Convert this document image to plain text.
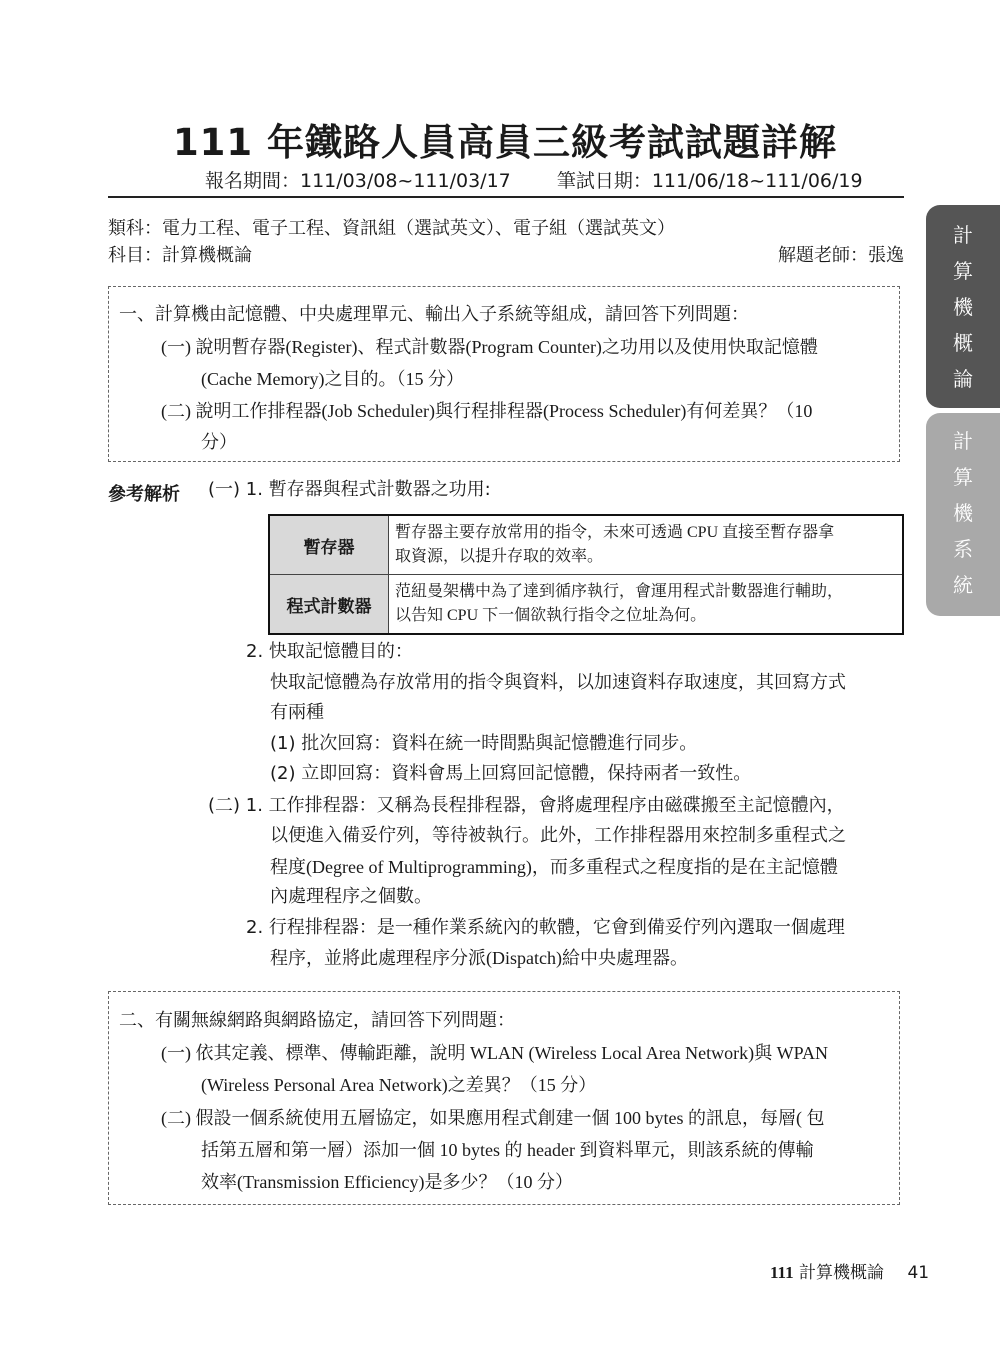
111 年鐵路人員高員三級考試試題詳解
報名期間：111/03/08~111/03/17 筆試日期：111/06/18~111/06/19
類科：電力工程、電子工程、資訊組（選試英文）、電子組（選試英文）
科目：計算機概論	解題老師：張逸
計
算
機
概
論
計
算
機
系
統
一、計算機由記憶體、中央處理單元、輸出入子系統等組成，請回答下列問題：
(一) 說明暫存器(Register)、程式計數器(Program Counter)之功用以及使用快取記憶體
(Cache Memory)之目的。（15 分）
(二) 說明工作排程器(Job Scheduler)與行程排程器(Process Scheduler)有何差異？（10
分）
參考解析 (一) 1. 暫存器與程式計數器之功用:
暫存器	暫存器主要存放常用的指令，未來可透過 CPU 直接至暫存器拿
取資源，以提升存取的效率。

程式計數器	范紐曼架構中為了達到循序執行，會運用程式計數器進行輔助，
以告知 CPU 下一個欲執行指令之位址為何。
2. 快取記憶體目的：
快取記憶體為存放常用的指令與資料，以加速資料存取速度，其回寫方式
有兩種
(1) 批次回寫：資料在統一時間點與記憶體進行同步。
(2) 立即回寫：資料會馬上回寫回記憶體，保持兩者一致性。
(二) 1. 工作排程器：又稱為長程排程器，會將處理程序由磁碟搬至主記憶體內，
以便進入備妥佇列，等待被執行。此外，工作排程器用來控制多重程式之
程度(Degree of Multiprogramming)，而多重程式之程度指的是在主記憶體
內處理程序之個數。
2. 行程排程器：是一種作業系統內的軟體，它會到備妥佇列內選取一個處理
程序，並將此處理程序分派(Dispatch)給中央處理器。
二、有關無線網路與網路協定，請回答下列問題：
(一) 依其定義、標準、傳輸距離，說明 WLAN (Wireless Local Area Network)與 WPAN
(Wireless Personal Area Network)之差異？（15 分）
(二) 假設一個系統使用五層協定，如果應用程式創建一個 100 bytes 的訊息，每層( 包
括第五層和第一層）添加一個 10 bytes 的 header 到資料單元，則該系統的傳輸
效率(Transmission Efficiency)是多少？（10 分）
111 計算機概論 41
